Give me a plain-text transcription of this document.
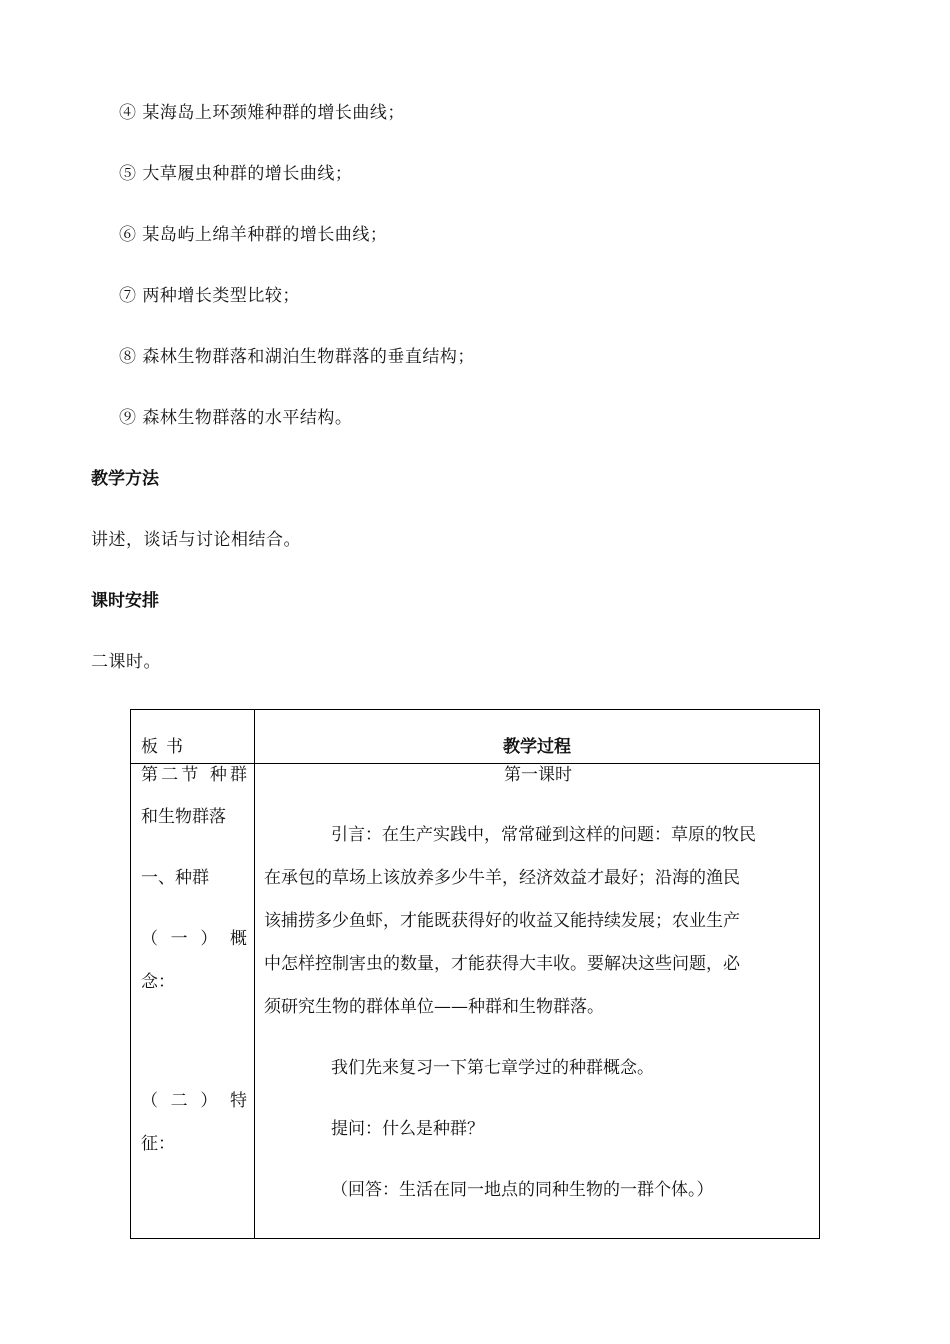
④ 某海岛上环颈雉种群的增长曲线；
⑤ 大草履虫种群的增长曲线；
⑥ 某岛屿上绵羊种群的增长曲线；
⑦ 两种增长类型比较；
⑧ 森林生物群落和湖泊生物群落的垂直结构；
⑨ 森林生物群落的水平结构。
教学方法
讲述，谈话与讨论相结合。
课时安排
二课时。
板书	教学过程
第二节 种群
和生物群落
一、种群
（一）概
念：
（二）特
征：
第一课时
引言：在生产实践中，常常碰到这样的问题：草原的牧民
在承包的草场上该放养多少牛羊，经济效益才最好；沿海的渔民
该捕捞多少鱼虾，才能既获得好的收益又能持续发展；农业生产
中怎样控制害虫的数量，才能获得大丰收。要解决这些问题，必
须研究生物的群体单位——种群和生物群落。
我们先来复习一下第七章学过的种群概念。
提问：什么是种群？
（回答：生活在同一地点的同种生物的一群个体。）
